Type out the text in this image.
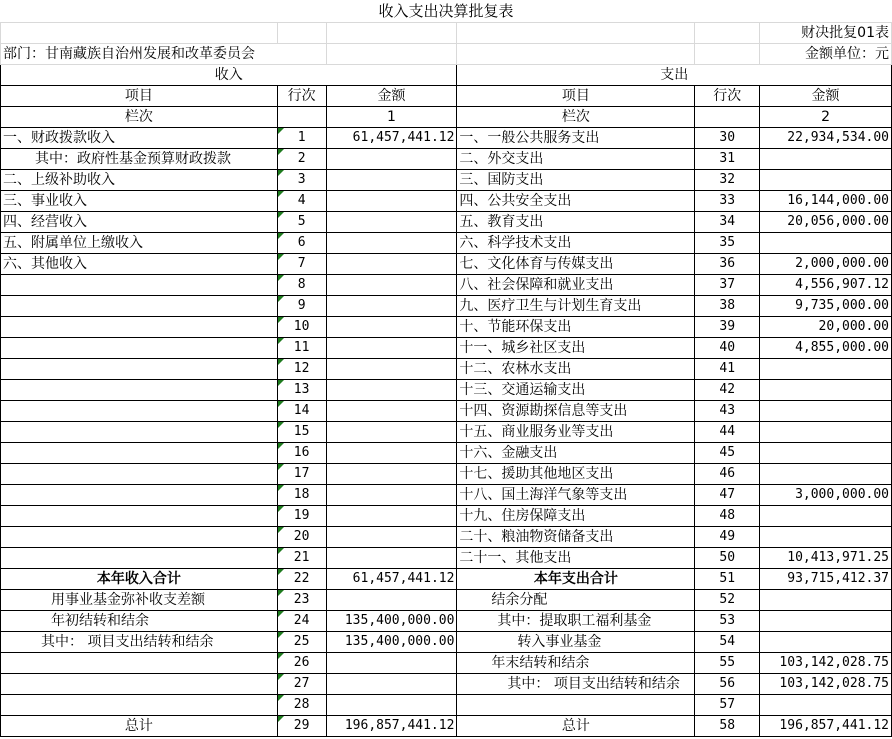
收入支出决算批复表					
					财决批复01表
部门：甘南藏族自治州发展和改革委员会					金额单位：元
收入			支出		
项目	行次	金额	项目	行次	金额
栏次		1	栏次		2
一、财政拨款收入	1	61,457,441.12	一、一般公共服务支出	30	22,934,534.00
其中：政府性基金预算财政拨款	2		二、外交支出	31	
二、上级补助收入	3		三、国防支出	32	
三、事业收入	4		四、公共安全支出	33	16,144,000.00
四、经营收入	5		五、教育支出	34	20,056,000.00
五、附属单位上缴收入	6		六、科学技术支出	35	
六、其他收入	7		七、文化体育与传媒支出	36	2,000,000.00
	8		八、社会保障和就业支出	37	4,556,907.12
	9		九、医疗卫生与计划生育支出	38	9,735,000.00
	10		十、节能环保支出	39	20,000.00
	11		十一、城乡社区支出	40	4,855,000.00
	12		十二、农林水支出	41	
	13		十三、交通运输支出	42	
	14		十四、资源勘探信息等支出	43	
	15		十五、商业服务业等支出	44	
	16		十六、金融支出	45	
	17		十七、援助其他地区支出	46	
	18		十八、国土海洋气象等支出	47	3,000,000.00
	19		十九、住房保障支出	48	
	20		二十、粮油物资储备支出	49	
	21		二十一、其他支出	50	10,413,971.25
本年收入合计	22	61,457,441.12	本年支出合计	51	93,715,412.37
用事业基金弥补收支差额	23		结余分配	52	
年初结转和结余	24	135,400,000.00	其中：提取职工福利基金	53	
其中： 项目支出结转和结余	25	135,400,000.00	转入事业基金	54	
	26		年末结转和结余	55	103,142,028.75
	27		其中： 项目支出结转和结余	56	103,142,028.75
	28			57	
总计	29	196,857,441.12	总计	58	196,857,441.12
